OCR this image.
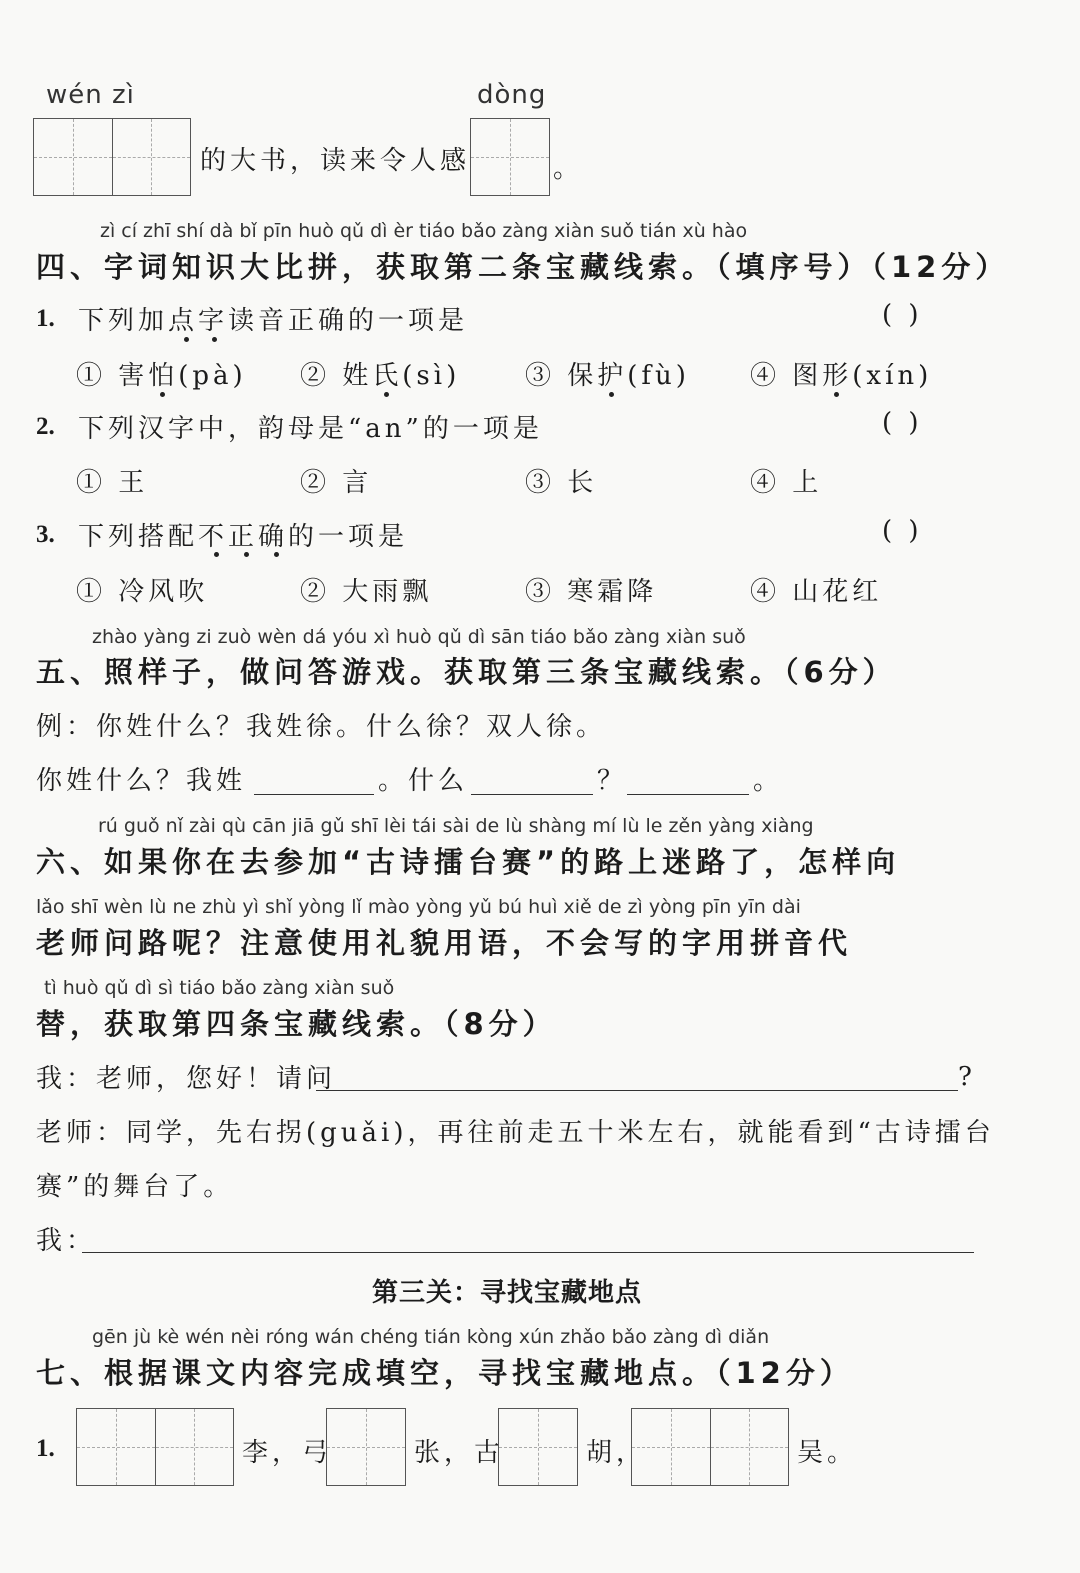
wén zì	dòng
的大书，读来令人感	。
zì cí zhī shí dà bǐ pīn huò qǔ dì èr tiáo bǎo zàng xiàn suǒ tián xù hào
四、字词知识大比拼，获取第二条宝藏线索。（填序号）（12分）
1. 下列加点字读音正确的一项是	( )
① 害怕(pà) ② 姓氏(sì) ③ 保护(fù) ④ 图形(xín)
2. 下列汉字中，韵母是“an”的一项是	( )
① 王	② 言	③ 长	④ 上
3. 下列搭配不正确的一项是	( )
① 冷风吹	② 大雨飘	③ 寒霜降	④ 山花红
zhào yàng zi zuò wèn dá yóu xì huò qǔ dì sān tiáo bǎo zàng xiàn suǒ
五、照样子，做问答游戏。获取第三条宝藏线索。（6分）
例：你姓什么？我姓徐。什么徐？双人徐。
你姓什么？我姓	。什么	？	。
rú guǒ nǐ zài qù cān jiā gǔ shī lèi tái sài de lù shàng mí lù le zěn yàng xiàng
六、如果你在去参加“古诗擂台赛”的路上迷路了，怎样向
lǎo shī wèn lù ne zhù yì shǐ yòng lǐ mào yòng yǔ bú huì xiě de zì yòng pīn yīn dài
老师问路呢？注意使用礼貌用语，不会写的字用拼音代
tì huò qǔ dì sì tiáo bǎo zàng xiàn suǒ
替，获取第四条宝藏线索。（8分）
我：老师，您好！请问	?
老师：同学，先右拐(guǎi)，再往前走五十米左右，就能看到“古诗擂台
赛”的舞台了。
我：
第三关：寻找宝藏地点
gēn jù kè wén nèi róng wán chéng tián kòng xún zhǎo bǎo zàng dì diǎn
七、根据课文内容完成填空，寻找宝藏地点。（12分）
1.	李，弓	张，古	胡，	吴。
